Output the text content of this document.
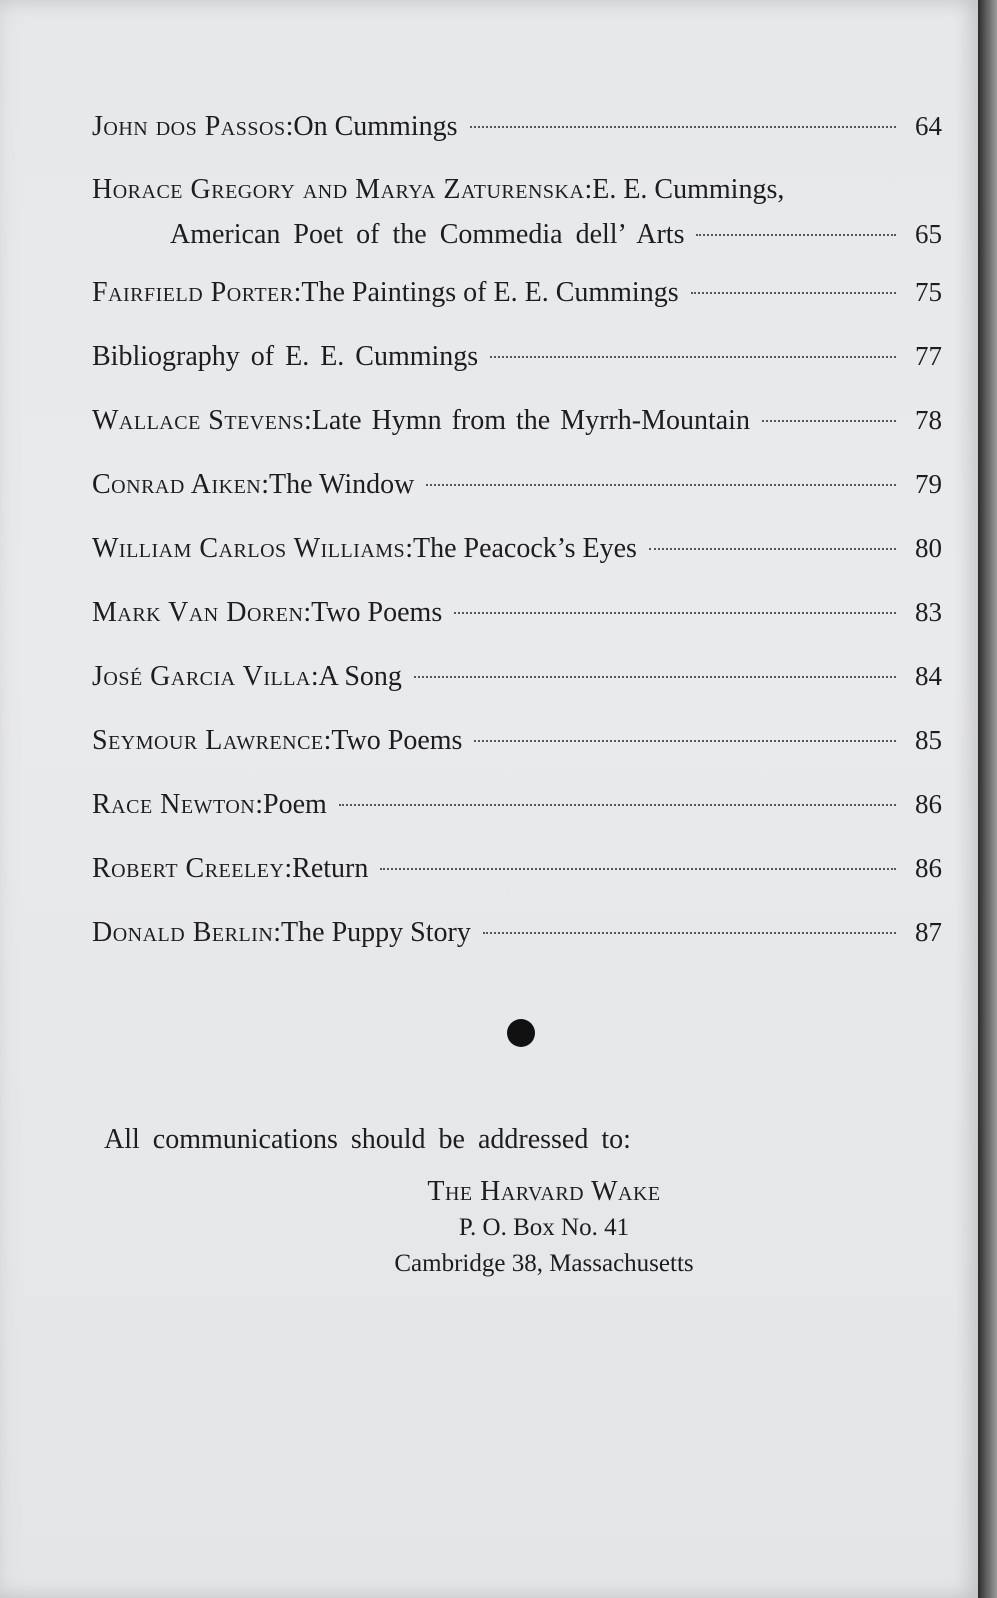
John dos Passos : On Cummings	64
Horace Gregory and Marya Zaturenska : E. E. Cummings,
American Poet of the Commedia dell’ Arts	65
Fairfield Porter : The Paintings of E. E. Cummings	75
Bibliography of E. E. Cummings	77
Wallace Stevens : Late Hymn from the Myrrh-Mountain	78
Conrad Aiken : The Window	79
William Carlos Williams : The Peacock’s Eyes	80
Mark Van Doren : Two Poems	83
José Garcia Villa : A Song	84
Seymour Lawrence : Two Poems	85
Race Newton : Poem	86
Robert Creeley : Return	86
Donald Berlin : The Puppy Story	87

All communications should be addressed to:

The Harvard Wake
P. O. Box No. 41
Cambridge 38, Massachusetts
